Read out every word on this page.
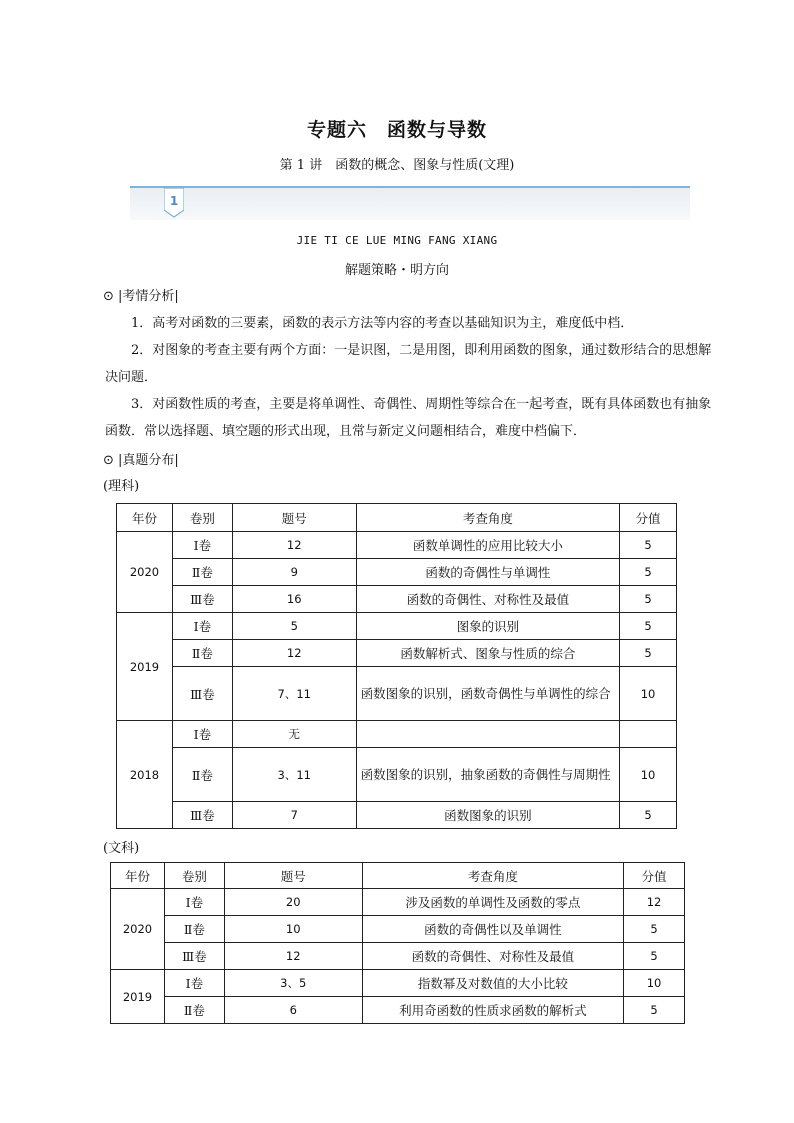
专题六　函数与导数
第 1 讲　函数的概念、图象与性质(文理)
1
JIE TI CE LUE MING FANG XIANG
解题策略・明方向
⊙ |考情分析|
1．高考对函数的三要素，函数的表示方法等内容的考查以基础知识为主，难度低中档．
2．对图象的考查主要有两个方面：一是识图，二是用图，即利用函数的图象，通过数形结合的思想解决问题．
3．对函数性质的考查，主要是将单调性、奇偶性、周期性等综合在一起考查，既有具体函数也有抽象函数．常以选择题、填空题的形式出现，且常与新定义问题相结合，难度中档偏下．
⊙ |真题分布|
(理科)
年份	卷别	题号	考查角度	分值
2020	Ⅰ卷	12	函数单调性的应用比较大小	5
	Ⅱ卷	9	函数的奇偶性与单调性	5
	Ⅲ卷	16	函数的奇偶性、对称性及最值	5
2019	Ⅰ卷	5	图象的识别	5
	Ⅱ卷	12	函数解析式、图象与性质的综合	5
	Ⅲ卷	7、11	函数图象的识别，函数奇偶性与单调性的综合	10
2018	Ⅰ卷	无		
	Ⅱ卷	3、11	函数图象的识别，抽象函数的奇偶性与周期性	10
	Ⅲ卷	7	函数图象的识别	5
(文科)
年份	卷别	题号	考查角度	分值
2020	Ⅰ卷	20	涉及函数的单调性及函数的零点	12
	Ⅱ卷	10	函数的奇偶性以及单调性	5
	Ⅲ卷	12	函数的奇偶性、对称性及最值	5
2019	Ⅰ卷	3、5	指数幂及对数值的大小比较	10
	Ⅱ卷	6	利用奇函数的性质求函数的解析式	5
